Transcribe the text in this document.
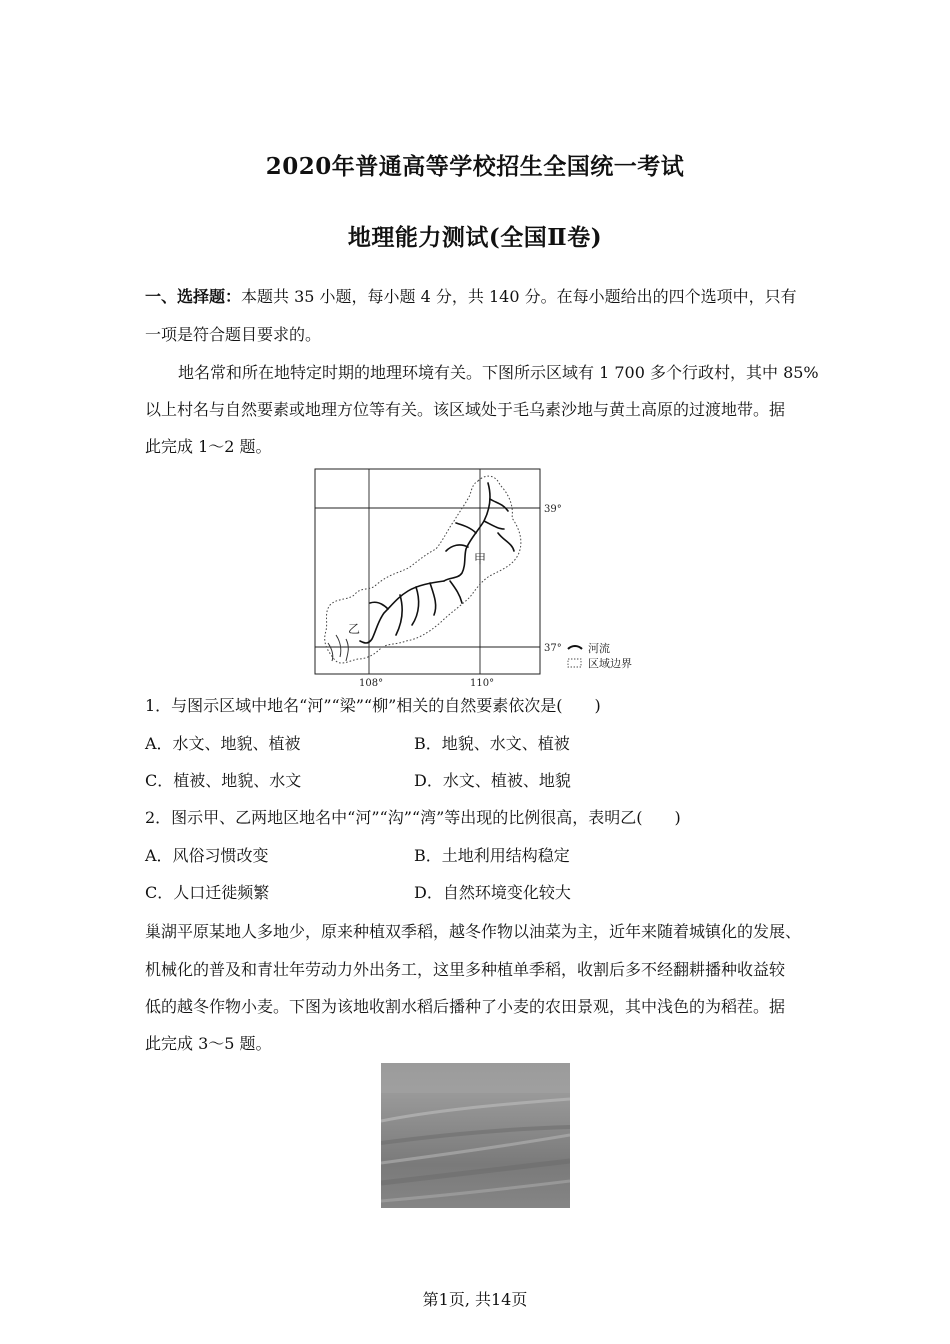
2020年普通高等学校招生全国统一考试
地理能力测试(全国Ⅱ卷)
一、选择题：本题共 35 小题，每小题 4 分，共 140 分。在每小题给出的四个选项中，只有
一项是符合题目要求的。
地名常和所在地特定时期的地理环境有关。下图所示区域有 1 700 多个行政村，其中 85%
以上村名与自然要素或地理方位等有关。该区域处于毛乌素沙地与黄土高原的过渡地带。据
此完成 1～2 题。
39°
37°
108°	110°
甲
乙
河流
区域边界
1．与图示区域中地名“河”“梁”“柳”相关的自然要素依次是(　　)
A．水文、地貌、植被	B．地貌、水文、植被
C．植被、地貌、水文	D．水文、植被、地貌
2．图示甲、乙两地区地名中“河”“沟”“湾”等出现的比例很高，表明乙(　　)
A．风俗习惯改变	B．土地利用结构稳定
C．人口迁徙频繁	D．自然环境变化较大
巢湖平原某地人多地少，原来种植双季稻，越冬作物以油菜为主，近年来随着城镇化的发展、
机械化的普及和青壮年劳动力外出务工，这里多种植单季稻，收割后多不经翻耕播种收益较
低的越冬作物小麦。下图为该地收割水稻后播种了小麦的农田景观，其中浅色的为稻茬。据
此完成 3～5 题。
第1页, 共14页
